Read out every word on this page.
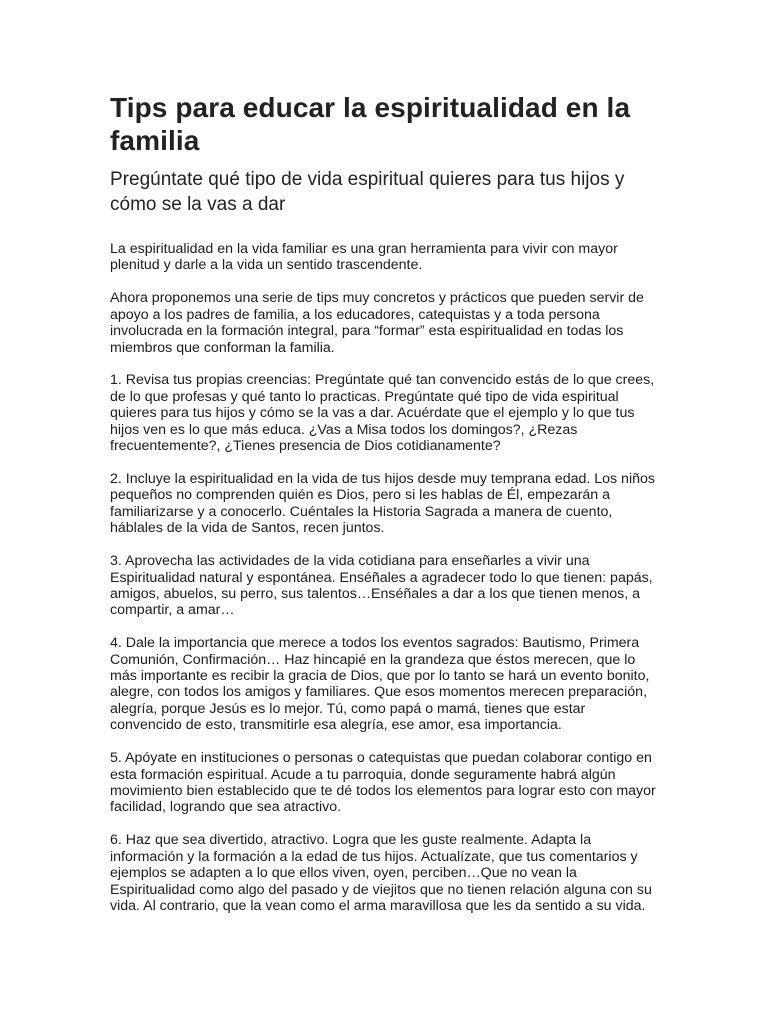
Tips para educar la espiritualidad en la familia
Pregúntate qué tipo de vida espiritual quieres para tus hijos y cómo se la vas a dar

La espiritualidad en la vida familiar es una gran herramienta para vivir con mayor plenitud y darle a la vida un sentido trascendente.

Ahora proponemos una serie de tips muy concretos y prácticos que pueden servir de apoyo a los padres de familia, a los educadores, catequistas y a toda persona involucrada en la formación integral, para “formar” esta espiritualidad en todas los miembros que conforman la familia.

1. Revisa tus propias creencias: Pregúntate qué tan convencido estás de lo que crees, de lo que profesas y qué tanto lo practicas. Pregúntate qué tipo de vida espiritual quieres para tus hijos y cómo se la vas a dar. Acuérdate que el ejemplo y lo que tus hijos ven es lo que más educa. ¿Vas a Misa todos los domingos?, ¿Rezas frecuentemente?, ¿Tienes presencia de Dios cotidianamente?

2. Incluye la espiritualidad en la vida de tus hijos desde muy temprana edad. Los niños pequeños no comprenden quién es Dios, pero si les hablas de Él, empezarán a familiarizarse y a conocerlo. Cuéntales la Historia Sagrada a manera de cuento, háblales de la vida de Santos, recen juntos.

3. Aprovecha las actividades de la vida cotidiana para enseñarles a vivir una Espiritualidad natural y espontánea. Enséñales a agradecer todo lo que tienen: papás, amigos, abuelos, su perro, sus talentos…Enséñales a dar a los que tienen menos, a compartir, a amar…

4. Dale la importancia que merece a todos los eventos sagrados: Bautismo, Primera Comunión, Confirmación… Haz hincapié en la grandeza que éstos merecen, que lo más importante es recibir la gracia de Dios, que por lo tanto se hará un evento bonito, alegre, con todos los amigos y familiares. Que esos momentos merecen preparación, alegría, porque Jesús es lo mejor. Tú, como papá o mamá, tienes que estar convencido de esto, transmitirle esa alegría, ese amor, esa importancia.

5. Apóyate en instituciones o personas o catequistas que puedan colaborar contigo en esta formación espiritual. Acude a tu parroquia, donde seguramente habrá algún movimiento bien establecido que te dé todos los elementos para lograr esto con mayor facilidad, logrando que sea atractivo.

6. Haz que sea divertido, atractivo. Logra que les guste realmente. Adapta la información y la formación a la edad de tus hijos. Actualízate, que tus comentarios y ejemplos se adapten a lo que ellos viven, oyen, perciben…Que no vean la Espiritualidad como algo del pasado y de viejitos que no tienen relación alguna con su vida. Al contrario, que la vean como el arma maravillosa que les da sentido a su vida.
